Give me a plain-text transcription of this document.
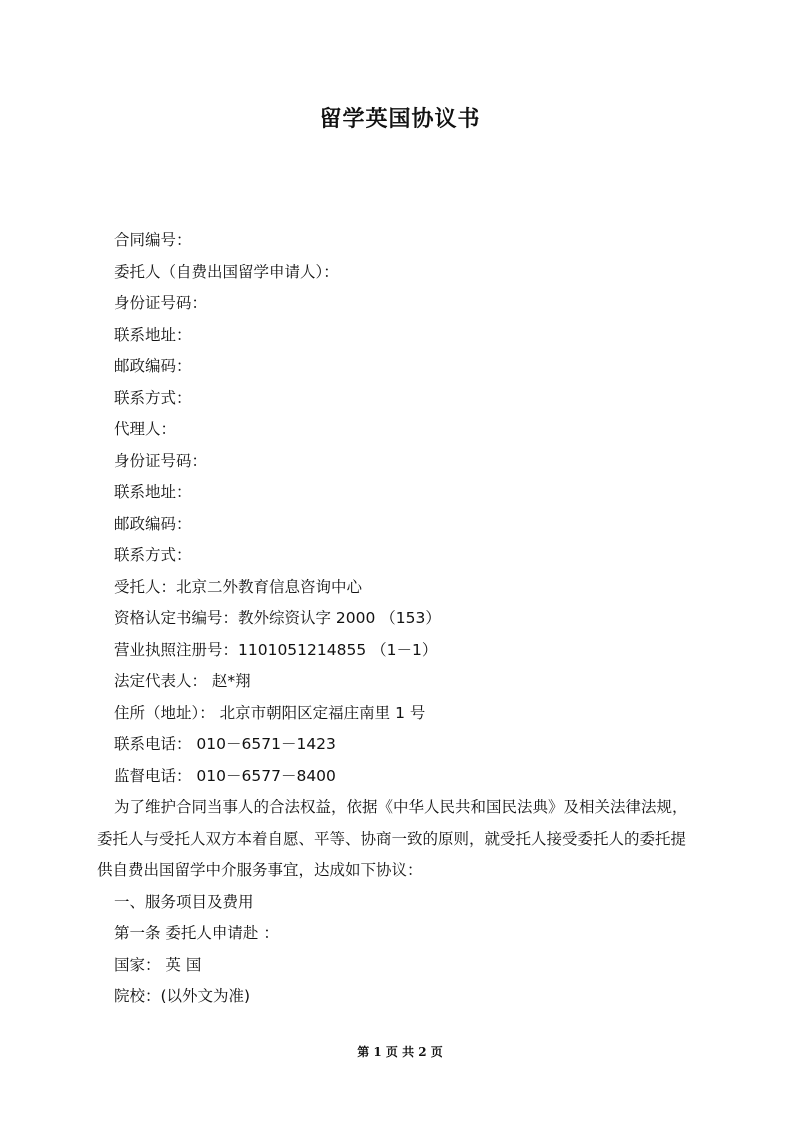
留学英国协议书
合同编号：
委托人（自费出国留学申请人）：
身份证号码：
联系地址：
邮政编码：
联系方式：
代理人：
身份证号码：
联系地址：
邮政编码：
联系方式：
受托人：北京二外教育信息咨询中心
资格认定书编号：教外综资认字 2000 （153）
营业执照注册号：1101051214855 （1－1）
法定代表人： 赵*翔
住所（地址）： 北京市朝阳区定福庄南里 1 号
联系电话： 010－6571－1423
监督电话： 010－6577－8400
为了维护合同当事人的合法权益，依据《中华人民共和国民法典》及相关法律法规，
委托人与受托人双方本着自愿、平等、协商一致的原则，就受托人接受委托人的委托提
供自费出国留学中介服务事宜，达成如下协议：
一、服务项目及费用
第一条 委托人申请赴 ：
国家： 英 国
院校：(以外文为准)
第 1 页 共 2 页
